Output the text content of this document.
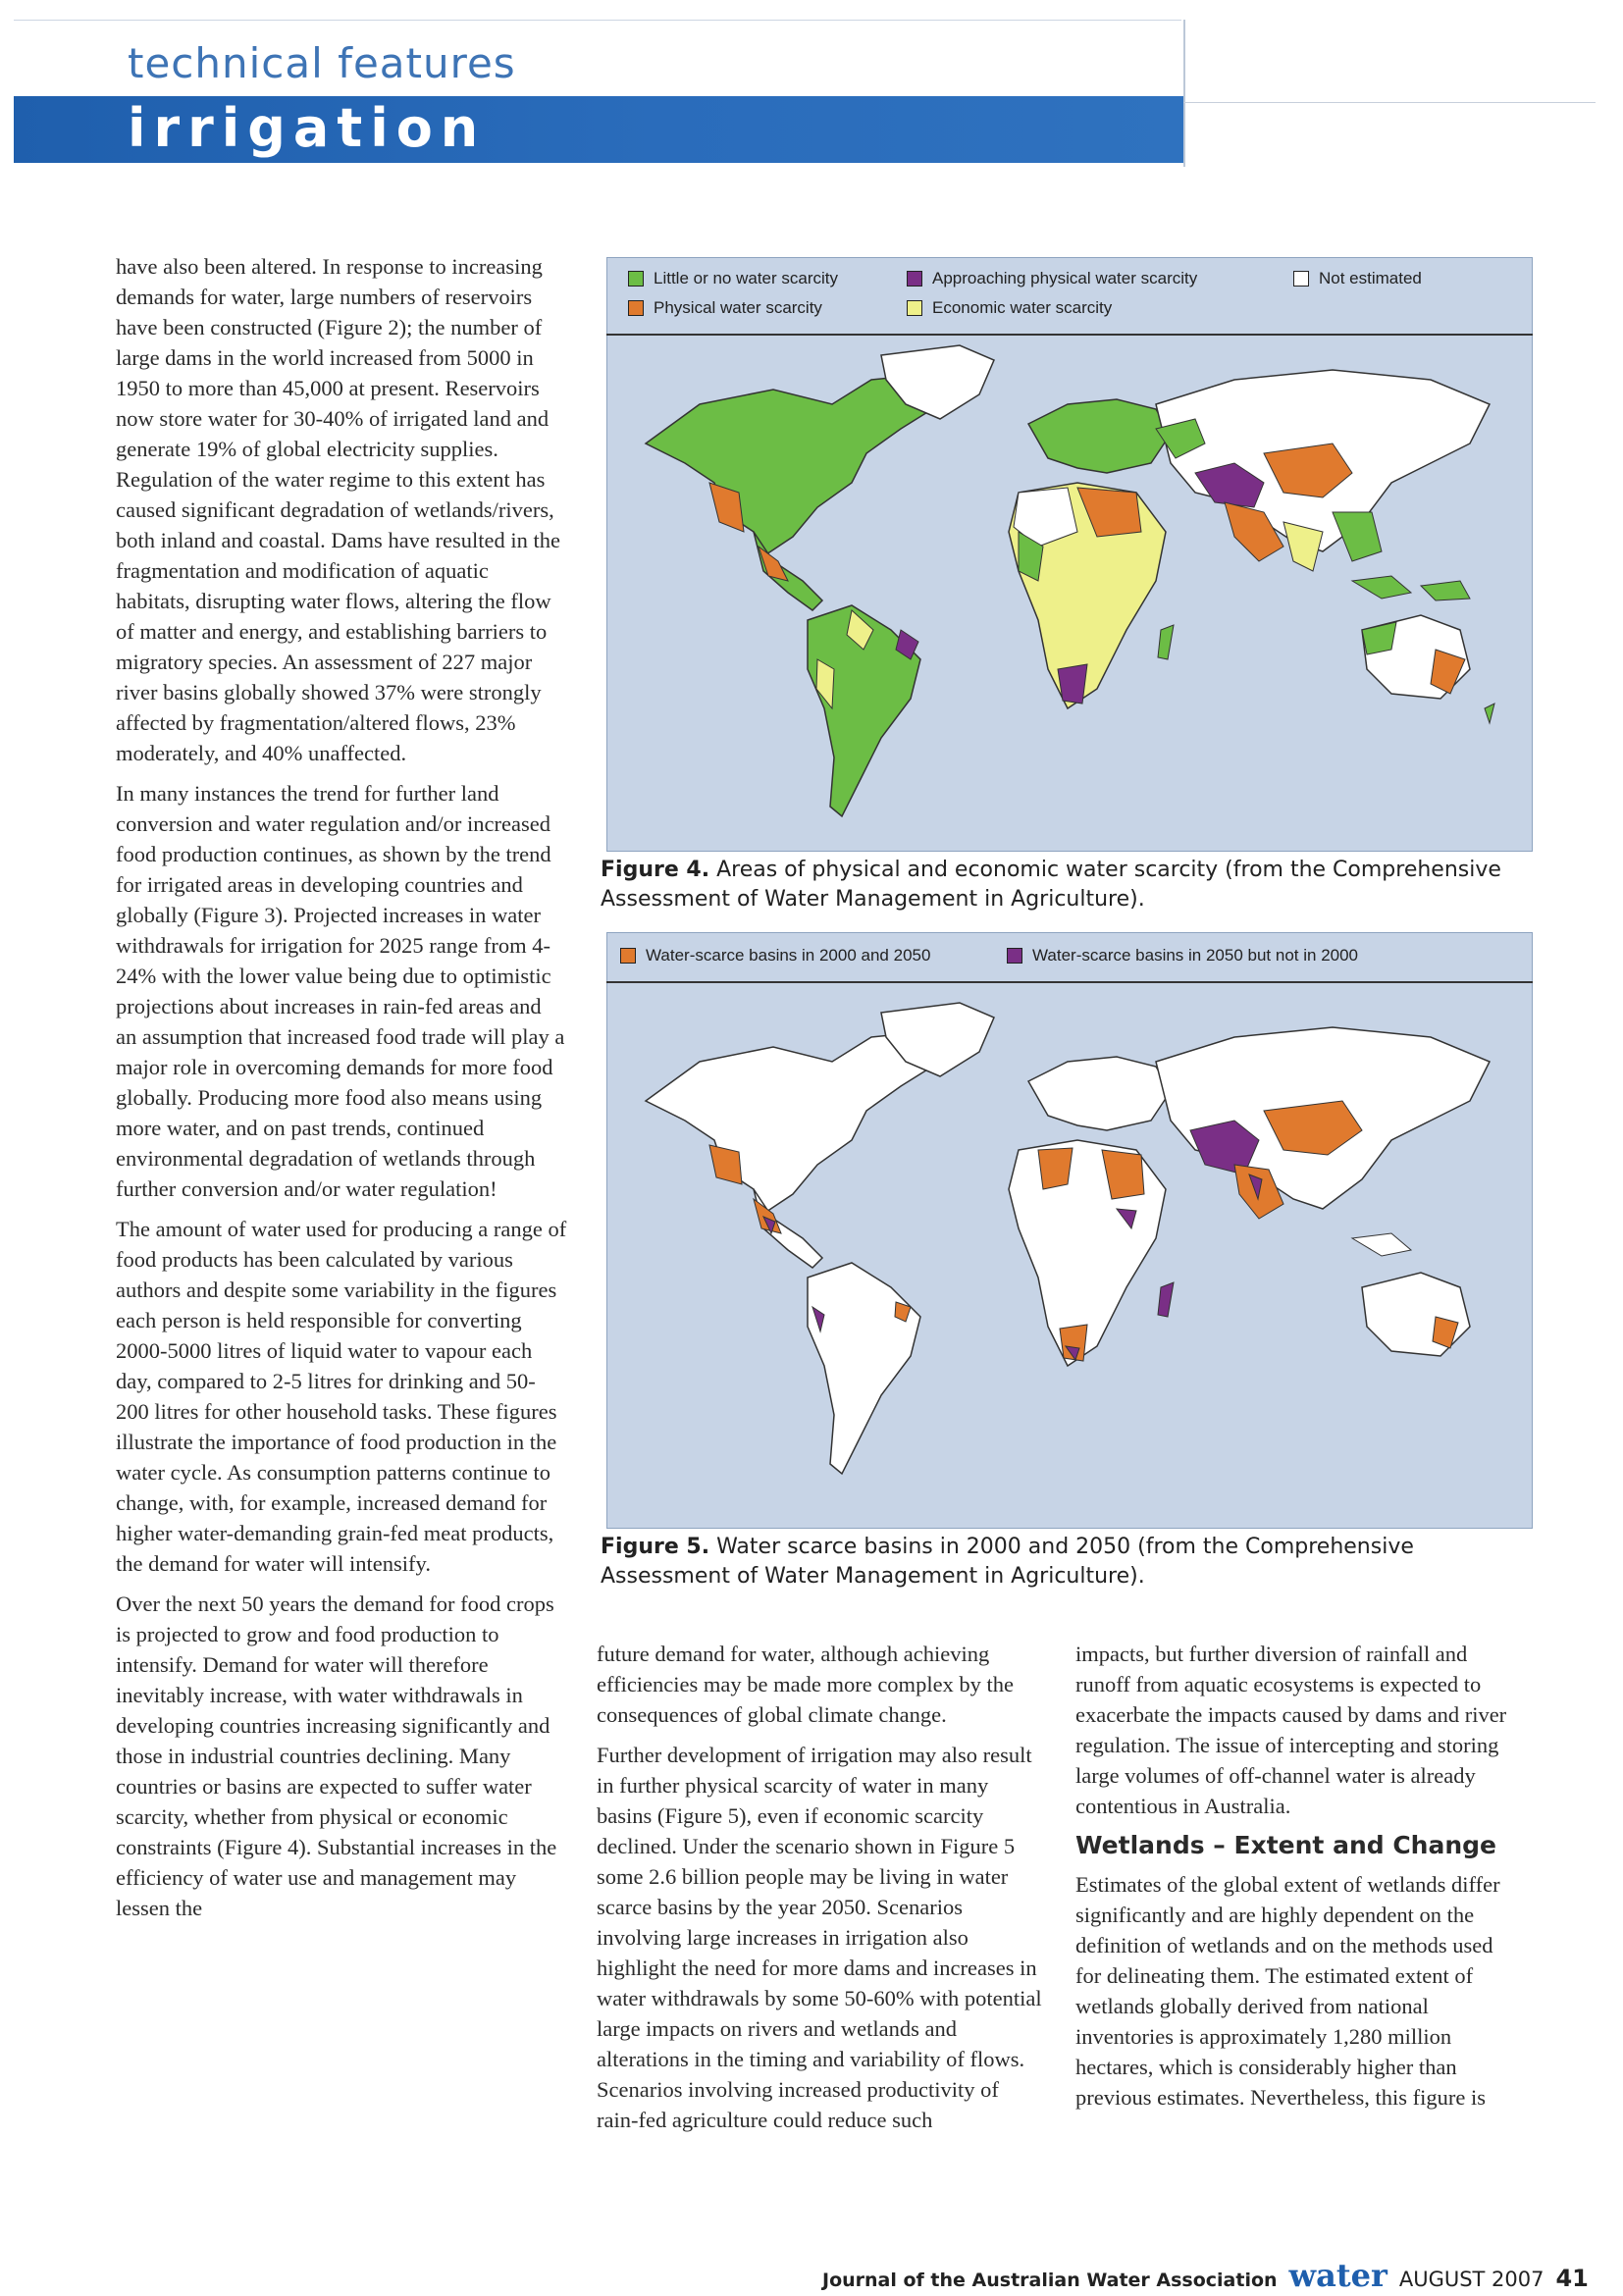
technical features
irrigation

have also been altered. In response to increasing demands for water, large numbers of reservoirs have been constructed (Figure 2); the number of large dams in the world increased from 5000 in 1950 to more than 45,000 at present. Reservoirs now store water for 30-40% of irrigated land and generate 19% of global electricity supplies. Regulation of the water regime to this extent has caused significant degradation of wetlands/rivers, both inland and coastal. Dams have resulted in the fragmentation and modification of aquatic habitats, disrupting water flows, altering the flow of matter and energy, and establishing barriers to migratory species. An assessment of 227 major river basins globally showed 37% were strongly affected by fragmentation/altered flows, 23% moderately, and 40% unaffected.

In many instances the trend for further land conversion and water regulation and/or increased food production continues, as shown by the trend for irrigated areas in developing countries and globally (Figure 3). Projected increases in water withdrawals for irrigation for 2025 range from 4-24% with the lower value being due to optimistic projections about increases in rain-fed areas and an assumption that increased food trade will play a major role in overcoming demands for more food globally. Producing more food also means using more water, and on past trends, continued environmental degradation of wetlands through further conversion and/or water regulation!

The amount of water used for producing a range of food products has been calculated by various authors and despite some variability in the figures each person is held responsible for converting 2000-5000 litres of liquid water to vapour each day, compared to 2-5 litres for drinking and 50-200 litres for other household tasks. These figures illustrate the importance of food production in the water cycle. As consumption patterns continue to change, with, for example, increased demand for higher water-demanding grain-fed meat products, the demand for water will intensify.

Over the next 50 years the demand for food crops is projected to grow and food production to intensify. Demand for water will therefore inevitably increase, with water withdrawals in developing countries increasing significantly and those in industrial countries declining. Many countries or basins are expected to suffer water scarcity, whether from physical or economic constraints (Figure 4). Substantial increases in the efficiency of water use and management may lessen the

Little or no water scarcity
Physical water scarcity
Approaching physical water scarcity
Economic water scarcity
Not estimated
Figure 4. Areas of physical and economic water scarcity (from the Comprehensive Assessment of Water Management in Agriculture).
Water-scarce basins in 2000 and 2050	Water-scarce basins in 2050 but not in 2000
Figure 5. Water scarce basins in 2000 and 2050 (from the Comprehensive Assessment of Water Management in Agriculture).

future demand for water, although achieving efficiencies may be made more complex by the consequences of global climate change.

Further development of irrigation may also result in further physical scarcity of water in many basins (Figure 5), even if economic scarcity declined. Under the scenario shown in Figure 5 some 2.6 billion people may be living in water scarce basins by the year 2050. Scenarios involving large increases in irrigation also highlight the need for more dams and increases in water withdrawals by some 50-60% with potential large impacts on rivers and wetlands and alterations in the timing and variability of flows. Scenarios involving increased productivity of rain-fed agriculture could reduce such

impacts, but further diversion of rainfall and runoff from aquatic ecosystems is expected to exacerbate the impacts caused by dams and river regulation. The issue of intercepting and storing large volumes of off-channel water is already contentious in Australia.

Wetlands – Extent and Change

Estimates of the global extent of wetlands differ significantly and are highly dependent on the definition of wetlands and on the methods used for delineating them. The estimated extent of wetlands globally derived from national inventories is approximately 1,280 million hectares, which is considerably higher than previous estimates. Nevertheless, this figure is

Journal of the Australian Water Association water AUGUST 2007 41
